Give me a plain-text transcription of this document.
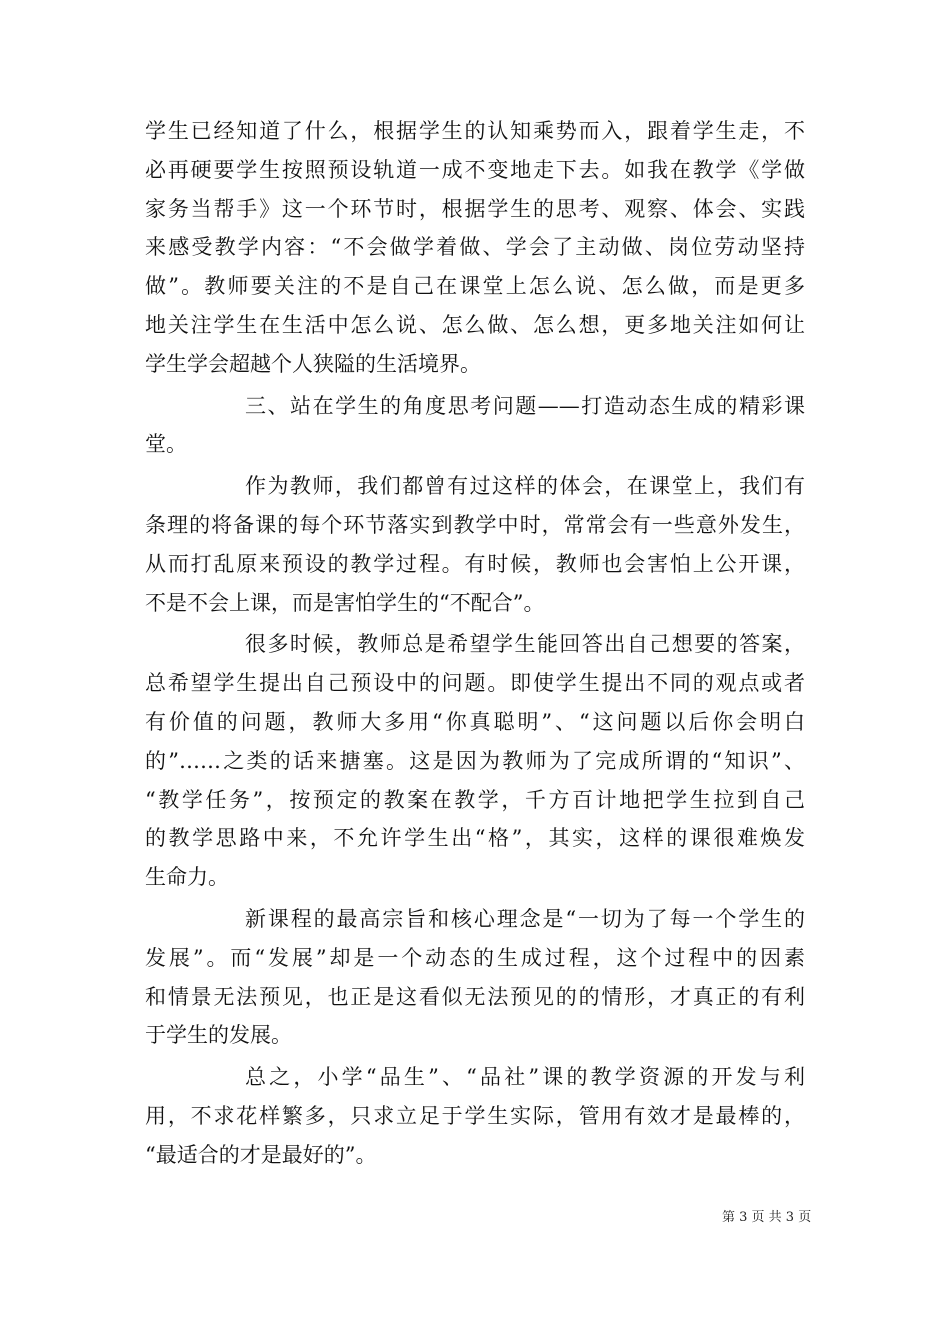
学生已经知道了什么，根据学生的认知乘势而入，跟着学生走，不
必再硬要学生按照预设轨道一成不变地走下去。如我在教学《学做
家务当帮手》这一个环节时，根据学生的思考、观察、体会、实践
来感受教学内容：“不会做学着做、学会了主动做、岗位劳动坚持
做”。教师要关注的不是自己在课堂上怎么说、怎么做，而是更多
地关注学生在生活中怎么说、怎么做、怎么想，更多地关注如何让
学生学会超越个人狭隘的生活境界。
三、站在学生的角度思考问题——打造动态生成的精彩课
堂。
作为教师，我们都曾有过这样的体会，在课堂上，我们有
条理的将备课的每个环节落实到教学中时，常常会有一些意外发生，
从而打乱原来预设的教学过程。有时候，教师也会害怕上公开课，
不是不会上课，而是害怕学生的“不配合”。
很多时候，教师总是希望学生能回答出自己想要的答案，
总希望学生提出自己预设中的问题。即使学生提出不同的观点或者
有价值的问题，教师大多用“你真聪明”、“这问题以后你会明白
的”……之类的话来搪塞。这是因为教师为了完成所谓的“知识”、
“教学任务”，按预定的教案在教学，千方百计地把学生拉到自己
的教学思路中来，不允许学生出“格”，其实，这样的课很难焕发
生命力。
新课程的最高宗旨和核心理念是“一切为了每一个学生的
发展”。而“发展”却是一个动态的生成过程，这个过程中的因素
和情景无法预见，也正是这看似无法预见的的情形，才真正的有利
于学生的发展。
总之，小学“品生”、“品社”课的教学资源的开发与利
用，不求花样繁多，只求立足于学生实际，管用有效才是最棒的，
“最适合的才是最好的”。
第 3 页 共 3 页
